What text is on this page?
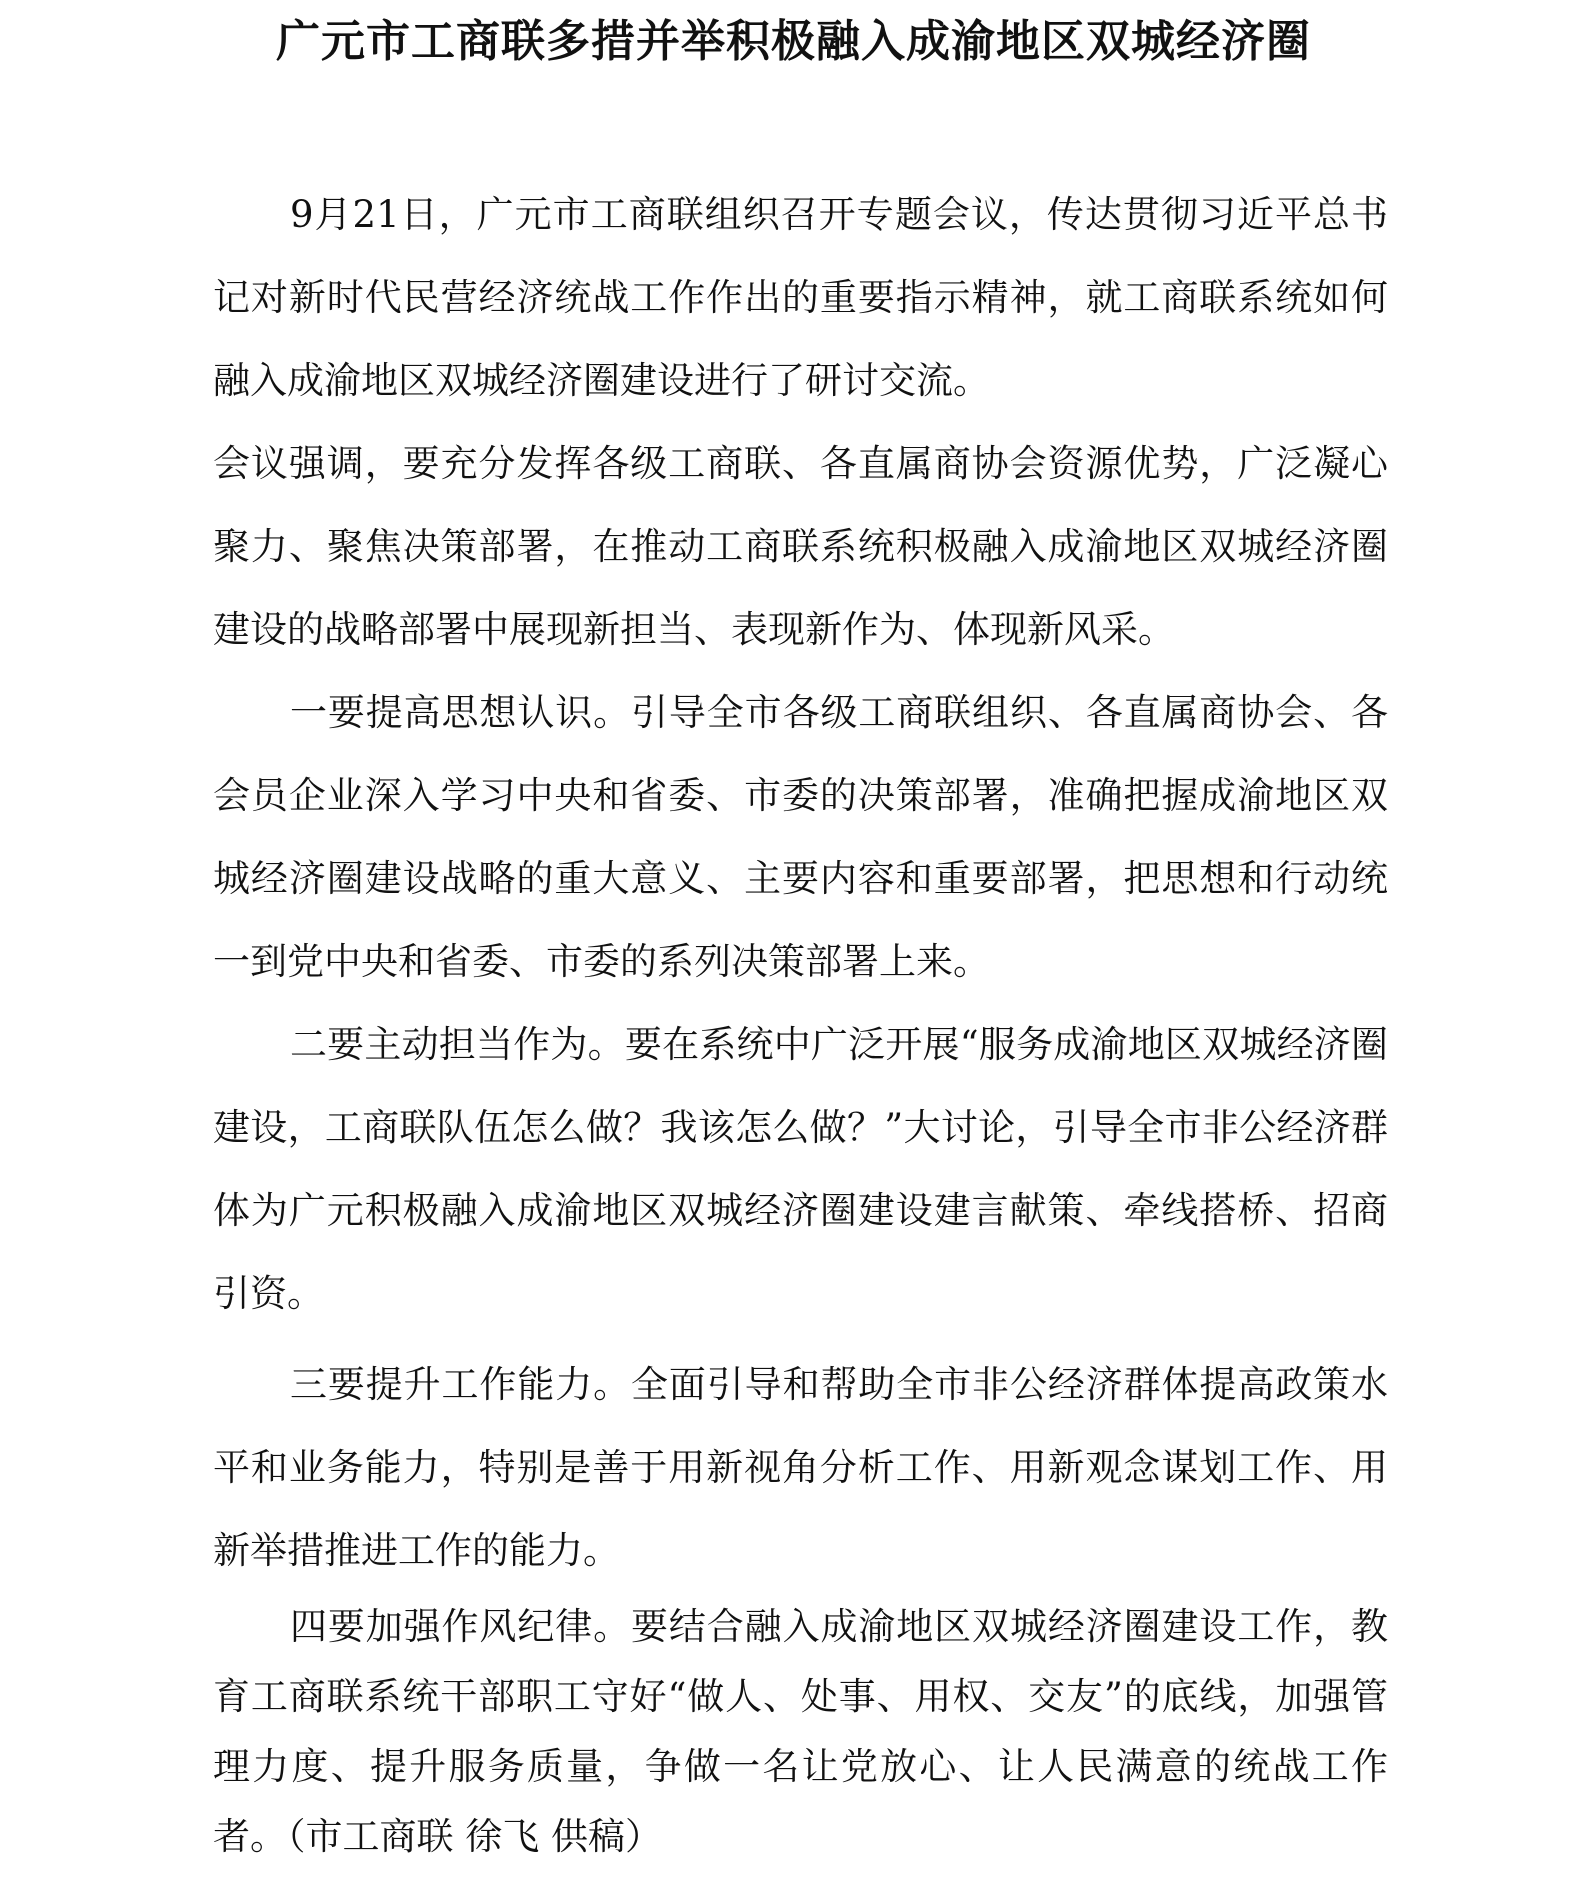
广元市工商联多措并举积极融入成渝地区双城经济圈

9月21日，广元市工商联组织召开专题会议，传达贯彻习近平总书记对新时代民营经济统战工作作出的重要指示精神，就工商联系统如何融入成渝地区双城经济圈建设进行了研讨交流。

会议强调，要充分发挥各级工商联、各直属商协会资源优势，广泛凝心聚力、聚焦决策部署，在推动工商联系统积极融入成渝地区双城经济圈建设的战略部署中展现新担当、表现新作为、体现新风采。

一要提高思想认识。引导全市各级工商联组织、各直属商协会、各会员企业深入学习中央和省委、市委的决策部署，准确把握成渝地区双城经济圈建设战略的重大意义、主要内容和重要部署，把思想和行动统一到党中央和省委、市委的系列决策部署上来。

二要主动担当作为。要在系统中广泛开展“服务成渝地区双城经济圈建设，工商联队伍怎么做？我该怎么做？”大讨论，引导全市非公经济群体为广元积极融入成渝地区双城经济圈建设建言献策、牵线搭桥、招商引资。

三要提升工作能力。全面引导和帮助全市非公经济群体提高政策水平和业务能力，特别是善于用新视角分析工作、用新观念谋划工作、用新举措推进工作的能力。

四要加强作风纪律。要结合融入成渝地区双城经济圈建设工作，教育工商联系统干部职工守好“做人、处事、用权、交友”的底线，加强管理力度、提升服务质量，争做一名让党放心、让人民满意的统战工作者。（市工商联 徐飞 供稿）
